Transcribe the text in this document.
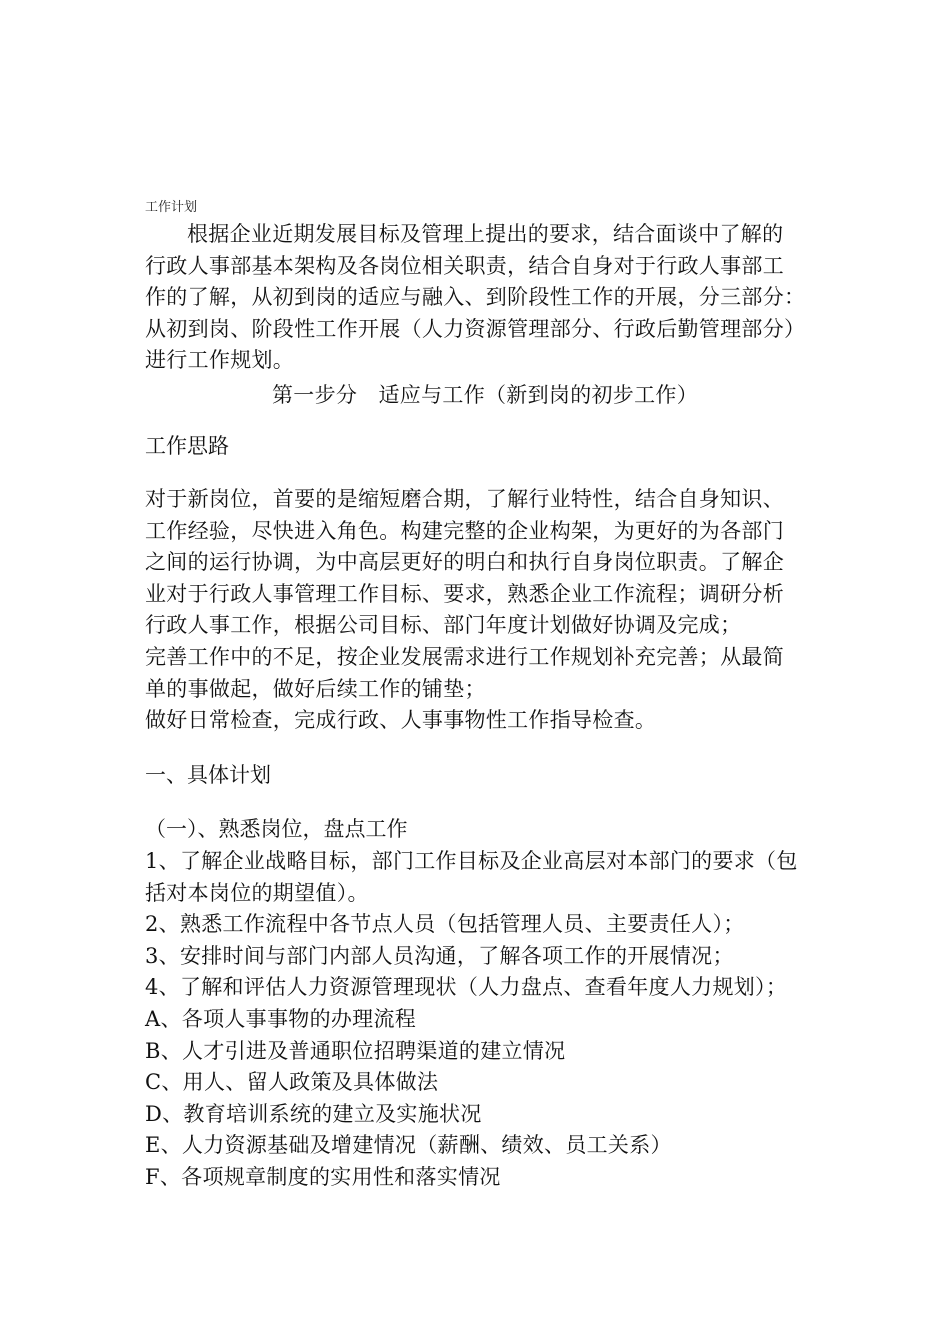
工作计划
根据企业近期发展目标及管理上提出的要求，结合面谈中了解的
行政人事部基本架构及各岗位相关职责，结合自身对于行政人事部工
作的了解，从初到岗的适应与融入、到阶段性工作的开展，分三部分：
从初到岗、阶段性工作开展（人力资源管理部分、行政后勤管理部分）
进行工作规划。
第一步分　适应与工作（新到岗的初步工作）
工作思路
对于新岗位，首要的是缩短磨合期，了解行业特性，结合自身知识、
工作经验，尽快进入角色。构建完整的企业构架，为更好的为各部门
之间的运行协调，为中高层更好的明白和执行自身岗位职责。了解企
业对于行政人事管理工作目标、要求，熟悉企业工作流程；调研分析
行政人事工作，根据公司目标、部门年度计划做好协调及完成；
完善工作中的不足，按企业发展需求进行工作规划补充完善；从最简
单的事做起，做好后续工作的铺垫；
做好日常检查，完成行政、人事事物性工作指导检查。
一、具体计划
（一）、熟悉岗位，盘点工作
1、了解企业战略目标，部门工作目标及企业高层对本部门的要求（包
括对本岗位的期望值）。
2、熟悉工作流程中各节点人员（包括管理人员、主要责任人）；
3、安排时间与部门内部人员沟通，了解各项工作的开展情况；
4、了解和评估人力资源管理现状（人力盘点、查看年度人力规划）；
A、各项人事事物的办理流程
B、人才引进及普通职位招聘渠道的建立情况
C、用人、留人政策及具体做法
D、教育培训系统的建立及实施状况
E、人力资源基础及增建情况（薪酬、绩效、员工关系）
F、各项规章制度的实用性和落实情况
